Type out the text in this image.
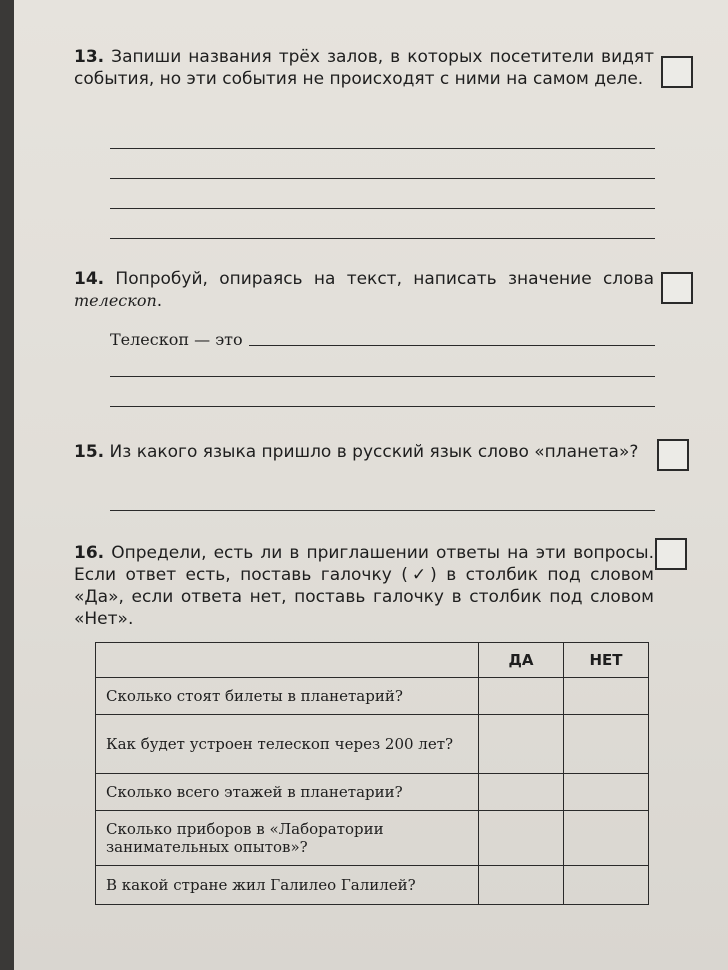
13. Запиши названия трёх залов, в которых посетители видят события, но эти события не происходят с ними на самом деле.

14. Попробуй, опираясь на текст, написать значение слова телескоп.

Телескоп — это

15. Из какого языка пришло в русский язык слово «планета»?

16. Определи, есть ли в приглашении ответы на эти вопросы. Если ответ есть, поставь галочку (✓) в столбик под словом «Да», если ответа нет, поставь галочку в столбик под словом «Нет».

	ДА	НЕТ
Сколько стоят билеты в планетарий?		
Как будет устроен телескоп через 200 лет?		
Сколько всего этажей в планетарии?		
Сколько приборов в «Лаборатории занимательных опытов»?		
В какой стране жил Галилео Галилей?		
